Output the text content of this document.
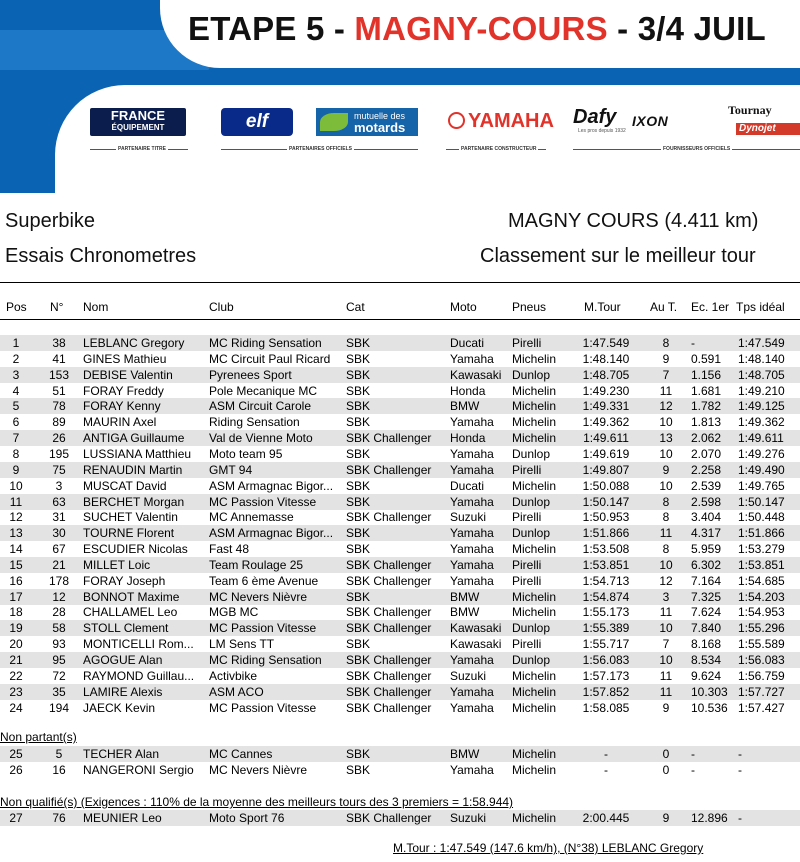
ETAPE 5 - MAGNY-COURS - 3/4 JUIL
FRANCE
ÉQUIPEMENT	elf	mutuelle des
motards	YAMAHA Dafy
Les pros depuis 1932
IXON
Tournay
Dynojet
PARTENAIRE TITRE	PARTENAIRES OFFICIELS	PARTENAIRE CONSTRUCTEUR	FOURNISSEURS OFFICIELS
Superbike
Essais Chronometres
MAGNY COURS (4.411 km)
Classement sur le meilleur tour
Pos N° Nom	Club	Cat	Moto	Pneus	M.Tour Au T. Ec. 1er Tps idéal
1	38	LEBLANC Gregory	MC Riding Sensation	SBK	Ducati	Pirelli	1:47.549	8	-	1:47.549
2	41	GINES Mathieu	MC Circuit Paul Ricard	SBK	Yamaha	Michelin	1:48.140	9	0.591	1:48.140
3	153	DEBISE Valentin	Pyrenees Sport	SBK	Kawasaki Dunlop	1:48.705	7	1.156	1:48.705
4	51	FORAY Freddy	Pole Mecanique MC	SBK	Honda	Michelin	1:49.230	11	1.681	1:49.210
5	78	FORAY Kenny	ASM Circuit Carole	SBK	BMW	Michelin	1:49.331	12	1.782	1:49.125
6	89	MAURIN Axel	Riding Sensation	SBK	Yamaha	Michelin	1:49.362	10	1.813	1:49.362
7	26	ANTIGA Guillaume	Val de Vienne Moto	SBK Challenger	Honda	Michelin	1:49.611	13	2.062	1:49.611
8	195	LUSSIANA Matthieu	Moto team 95	SBK	Yamaha	Dunlop	1:49.619	10	2.070	1:49.276
9	75	RENAUDIN Martin	GMT 94	SBK Challenger	Yamaha	Pirelli	1:49.807	9	2.258	1:49.490
10	3	MUSCAT David	ASM Armagnac Bigor...	SBK	Ducati	Michelin	1:50.088	10	2.539	1:49.765
11	63	BERCHET Morgan	MC Passion Vitesse	SBK	Yamaha	Dunlop	1:50.147	8	2.598	1:50.147
12	31	SUCHET Valentin	MC Annemasse	SBK Challenger	Suzuki	Pirelli	1:50.953	8	3.404	1:50.448
13	30	TOURNE Florent	ASM Armagnac Bigor...	SBK	Yamaha	Dunlop	1:51.866	11	4.317	1:51.866
14	67	ESCUDIER Nicolas	Fast 48	SBK	Yamaha	Michelin	1:53.508	8	5.959	1:53.279
15	21	MILLET Loic	Team Roulage 25	SBK Challenger	Yamaha	Pirelli	1:53.851	10	6.302	1:53.851
16	178	FORAY Joseph	Team 6 ème Avenue	SBK Challenger	Yamaha	Pirelli	1:54.713	12	7.164	1:54.685
17	12	BONNOT Maxime	MC Nevers Nièvre	SBK	BMW	Michelin	1:54.874	3	7.325	1:54.203
18	28	CHALLAMEL Leo	MGB MC	SBK Challenger	BMW	Michelin	1:55.173	11	7.624	1:54.953
19	58	STOLL Clement	MC Passion Vitesse	SBK Challenger	Kawasaki Dunlop	1:55.389	10	7.840	1:55.296
20	93	MONTICELLI Rom...	LM Sens TT	SBK	Kawasaki Pirelli	1:55.717	7	8.168	1:55.589
21	95	AGOGUE Alan	MC Riding Sensation	SBK Challenger	Yamaha	Dunlop	1:56.083	10	8.534	1:56.083
22	72	RAYMOND Guillau...	Activbike	SBK Challenger	Suzuki	Michelin	1:57.173	11	9.624	1:56.759
23	35	LAMIRE Alexis	ASM ACO	SBK Challenger	Yamaha	Michelin	1:57.852	11	10.303 1:57.727
24	194	JAECK Kevin	MC Passion Vitesse	SBK Challenger	Yamaha	Michelin	1:58.085	9	10.536 1:57.427
Non partant(s)
25	5	TECHER Alan	MC Cannes	SBK	BMW	Michelin	-	0	-	-
26	16	NANGERONI Sergio	MC Nevers Nièvre	SBK	Yamaha	Michelin	-	0	-	-
Non qualifié(s) (Exigences : 110% de la moyenne des meilleurs tours des 3 premiers = 1:58.944)
27	76	MEUNIER Leo	Moto Sport 76	SBK Challenger	Suzuki	Michelin	2:00.445	9	12.896 -
M.Tour : 1:47.549 (147.6 km/h), (N°38) LEBLANC Gregory
